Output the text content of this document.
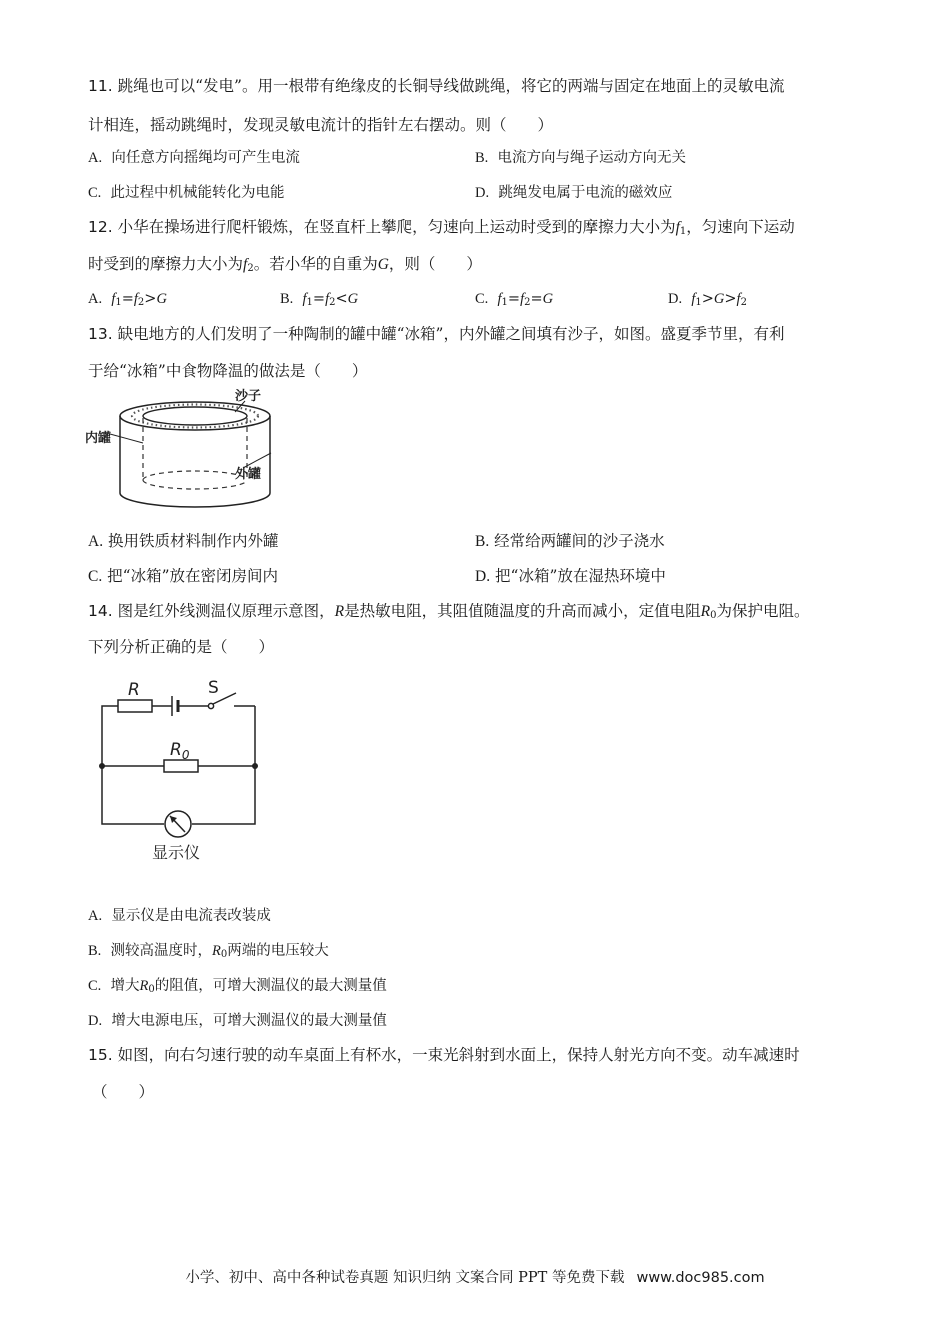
11. 跳绳也可以“发电”。用一根带有绝缘皮的长铜导线做跳绳，将它的两端与固定在地面上的灵敏电流
计相连，摇动跳绳时，发现灵敏电流计的指针左右摆动。则（　　）
A. 向任意方向摇绳均可产生电流	B. 电流方向与绳子运动方向无关
C. 此过程中机械能转化为电能	D. 跳绳发电属于电流的磁效应
12. 小华在操场进行爬杆锻炼，在竖直杆上攀爬，匀速向上运动时受到的摩擦力大小为$f_1$，匀速向下运动
时受到的摩擦力大小为$f_2$。若小华的自重为G，则（　　）
A. $f_1=f_2>G$	B. $f_1=f_2<G$	C. $f_1=f_2=G$	D. $f_1>G>f_2$
13. 缺电地方的人们发明了一种陶制的罐中罐“冰箱”，内外罐之间填有沙子，如图。盛夏季节里，有利
于给“冰箱”中食物降温的做法是（　　）
沙子
内罐
外罐
A. 换用铁质材料制作内外罐	B. 经常给两罐间的沙子浇水
C. 把“冰箱”放在密闭房间内	D. 把“冰箱”放在湿热环境中
14. 图是红外线测温仪原理示意图，R是热敏电阻，其阻值随温度的升高而减小，定值电阻$R_0$为保护电阻。
下列分析正确的是（　　）
R	S
$R_0$
显示仪
A. 显示仪是由电流表改装成
B. 测较高温度时，$R_0$两端的电压较大
C. 增大$R_0$的阻值，可增大测温仪的最大测量值
D. 增大电源电压，可增大测温仪的最大测量值
15. 如图，向右匀速行驶的动车桌面上有杯水，一束光斜射到水面上，保持人射光方向不变。动车减速时
（　　）
小学、初中、高中各种试卷真题 知识归纳 文案合同 PPT 等免费下载 www.doc985.com
